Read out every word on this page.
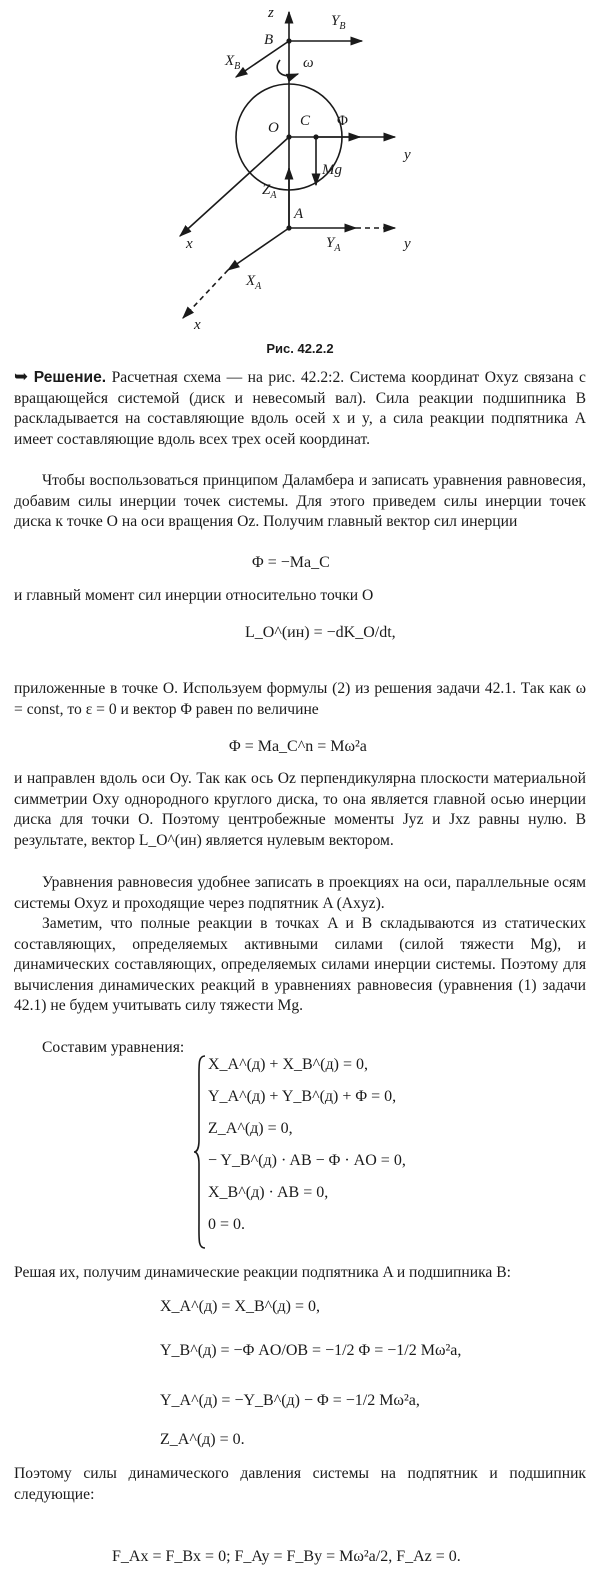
z
B
$Y_B$
$X_B$	ω
O C Φ
y
Mg
$Z_A$
A
x	$Y_A$	y
$X_A$
x
Рис. 42.2.2
➥ Решение. Расчетная схема — на рис. 42.2:2. Система координат Oxyz связана с вращающейся системой (диск и невесомый вал). Сила реакции подшипника B раскладывается на составляющие вдоль осей x и y, а сила реакции подпятника A имеет составляющие вдоль всех трех осей координат.
Чтобы воспользоваться принципом Даламбера и записать уравнения равновесия, добавим силы инерции точек системы. Для этого приведем силы инерции точек диска к точке O на оси вращения Oz. Получим главный вектор сил инерции
Φ = −Ma_C
и главный момент сил инерции относительно точки O
L_O^(ин) = −dK_O/dt,
приложенные в точке O. Используем формулы (2) из решения задачи 42.1. Так как ω = const, то ε = 0 и вектор Φ равен по величине
Φ = Ma_C^n = Mω²a
и направлен вдоль оси Oy. Так как ось Oz перпендикулярна плоскости материальной симметрии Oxy однородного круглого диска, то она является главной осью инерции диска для точки O. Поэтому центробежные моменты Jyz и Jxz равны нулю. В результате, вектор L_O^(ин) является нулевым вектором.
Уравнения равновесия удобнее записать в проекциях на оси, параллельные осям системы Oxyz и проходящие через подпятник A (Axyz).
Заметим, что полные реакции в точках A и B складываются из статических составляющих, определяемых активными силами (силой тяжести Mg), и динамических составляющих, определяемых силами инерции системы. Поэтому для вычисления динамических реакций в уравнениях равновесия (уравнения (1) задачи 42.1) не будем учитывать силу тяжести Mg.
Составим уравнения:
X_A^(д) + X_B^(д) = 0,
Y_A^(д) + Y_B^(д) + Φ = 0,
Z_A^(д) = 0,
− Y_B^(д) · AB − Φ · AO = 0,
X_B^(д) · AB = 0,
0 = 0.
Решая их, получим динамические реакции подпятника A и подшипника B:
X_A^(д) = X_B^(д) = 0,
Y_B^(д) = −Φ AO/OB = −1/2 Φ = −1/2 Mω²a,
Y_A^(д) = −Y_B^(д) − Φ = −1/2 Mω²a,
Z_A^(д) = 0.
Поэтому силы динамического давления системы на подпятник и подшипник следующие:
F_Ax = F_Bx = 0; F_Ay = F_By = Mω²a/2, F_Az = 0.
